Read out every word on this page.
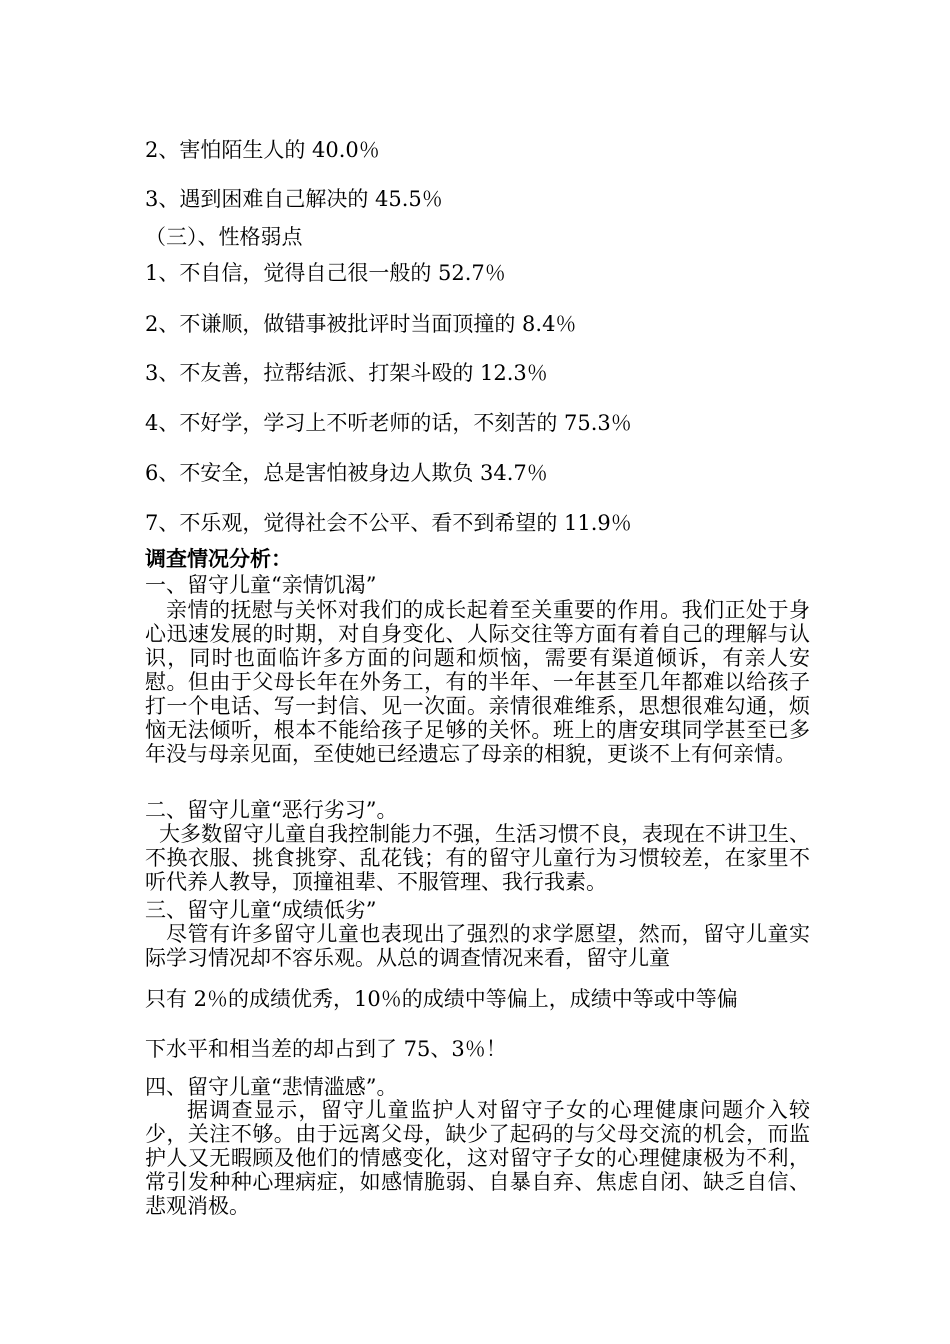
2、害怕陌生人的 40.0％
3、遇到困难自己解决的 45.5％
（三）、性格弱点
1、不自信，觉得自己很一般的 52.7％
2、不谦顺，做错事被批评时当面顶撞的 8.4％
3、不友善，拉帮结派、打架斗殴的 12.3％
4、不好学，学习上不听老师的话，不刻苦的 75.3％
6、不安全，总是害怕被身边人欺负 34.7％
7、不乐观，觉得社会不公平、看不到希望的 11.9％
调查情况分析：
一、留守儿童“亲情饥渴”
亲情的抚慰与关怀对我们的成长起着至关重要的作用。我们正处于身心迅速发展的时期，对自身变化、人际交往等方面有着自己的理解与认识，同时也面临许多方面的问题和烦恼，需要有渠道倾诉，有亲人安慰。但由于父母长年在外务工，有的半年、一年甚至几年都难以给孩子打一个电话、写一封信、见一次面。亲情很难维系，思想很难勾通，烦恼无法倾听，根本不能给孩子足够的关怀。班上的唐安琪同学甚至已多年没与母亲见面，至使她已经遗忘了母亲的相貌，更谈不上有何亲情。
二、留守儿童“恶行劣习”。
大多数留守儿童自我控制能力不强，生活习惯不良，表现在不讲卫生、不换衣服、挑食挑穿、乱花钱；有的留守儿童行为习惯较差，在家里不听代养人教导，顶撞祖辈、不服管理、我行我素。
三、留守儿童“成绩低劣”
尽管有许多留守儿童也表现出了强烈的求学愿望，然而，留守儿童实际学习情况却不容乐观。从总的调查情况来看，留守儿童
只有 2％的成绩优秀，10％的成绩中等偏上，成绩中等或中等偏
下水平和相当差的却占到了 75、3％！
四、留守儿童“悲情滥感”。
据调查显示，留守儿童监护人对留守子女的心理健康问题介入较少，关注不够。由于远离父母，缺少了起码的与父母交流的机会，而监护人又无暇顾及他们的情感变化，这对留守子女的心理健康极为不利，常引发种种心理病症，如感情脆弱、自暴自弃、焦虑自闭、缺乏自信、悲观消极。
